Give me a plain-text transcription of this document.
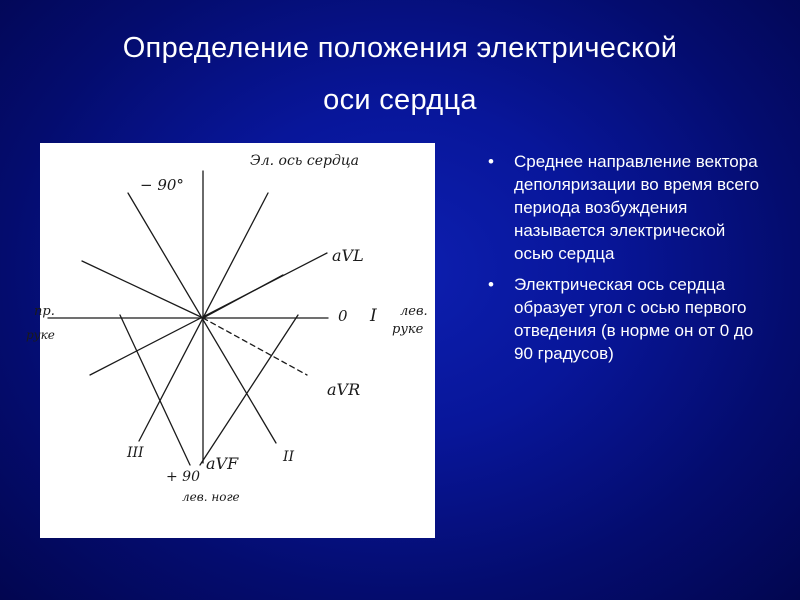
Определение положения электрической
оси сердца
Эл. ось сердца
− 90°
aVL
0 I лев.
руке
пр.
руке
aVR
III	II
aVF
+ 90
лев. ноге
• Среднее направление вектора деполяризации во время всего периода возбуждения называется электрической осью сердца
• Электрическая ось сердца образует угол с осью первого отведения (в норме он от 0 до 90 градусов)
